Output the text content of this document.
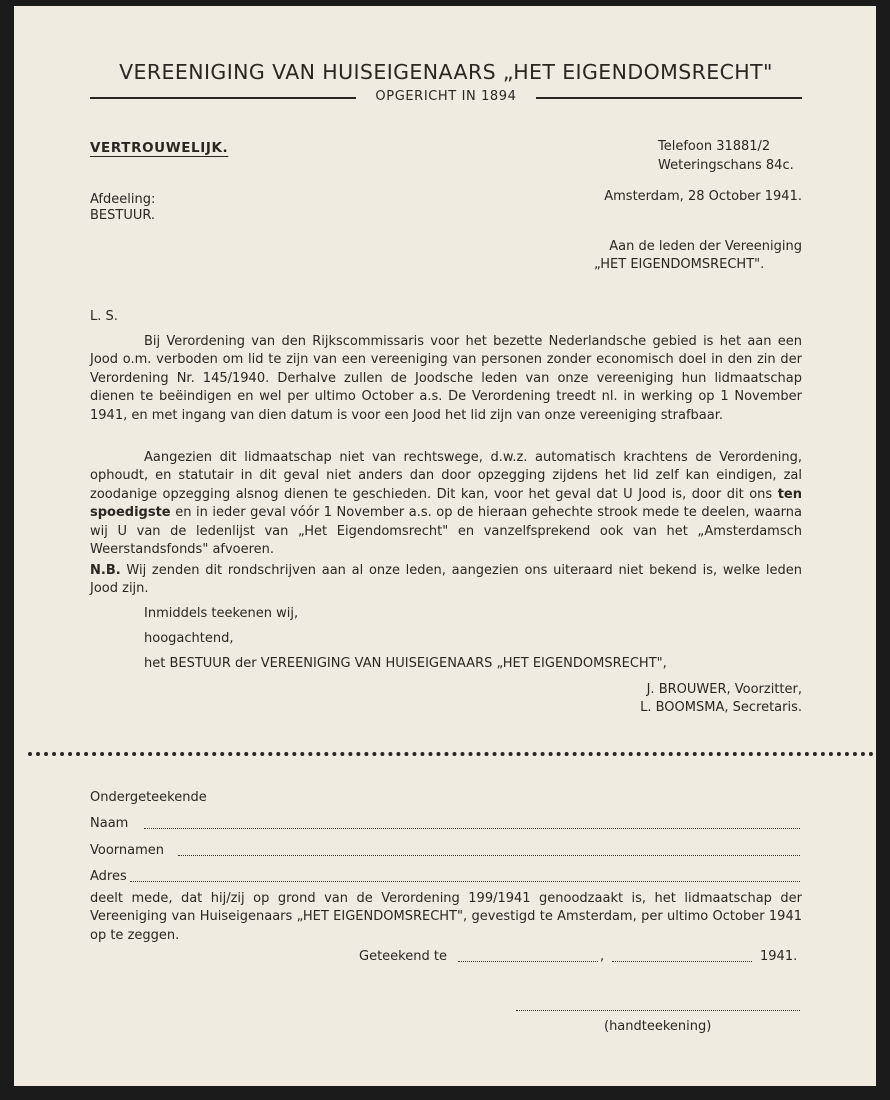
VEREENIGING VAN HUISEIGENAARS „HET EIGENDOMSRECHT"
OPGERICHT IN 1894
VERTROUWELIJK.	Telefoon 31881/2
Weteringschans 84c.
Afdeeling:
BESTUUR.
Amsterdam, 28 October 1941.
Aan de leden der Vereeniging
„HET EIGENDOMSRECHT".
L. S.
Bij Verordening van den Rijkscommissaris voor het bezette Nederlandsche gebied is het aan een Jood o.m. verboden om lid te zijn van een vereeniging van personen zonder economisch doel in den zin der Verordening Nr. 145/1940. Derhalve zullen de Joodsche leden van onze vereeniging hun lidmaatschap dienen te beëindigen en wel per ultimo October a.s. De Verordening treedt nl. in werking op 1 November 1941, en met ingang van dien datum is voor een Jood het lid zijn van onze vereeniging strafbaar.
Aangezien dit lidmaatschap niet van rechtswege, d.w.z. automatisch krachtens de Verordening, ophoudt, en statutair in dit geval niet anders dan door opzegging zijdens het lid zelf kan eindigen, zal zoodanige opzegging alsnog dienen te geschieden. Dit kan, voor het geval dat U Jood is, door dit ons ten spoedigste en in ieder geval vóór 1 November a.s. op de hieraan gehechte strook mede te deelen, waarna wij U van de ledenlijst van „Het Eigendomsrecht" en vanzelfsprekend ook van het „Amsterdamsch Weerstandsfonds" afvoeren.
N.B. Wij zenden dit rondschrijven aan al onze leden, aangezien ons uiteraard niet bekend is, welke leden Jood zijn.
Inmiddels teekenen wij,
hoogachtend,
het BESTUUR der VEREENIGING VAN HUISEIGENAARS „HET EIGENDOMSRECHT",
J. BROUWER, Voorzitter,
L. BOOMSMA, Secretaris.
Ondergeteekende
Naam
Voornamen
Adres
deelt mede, dat hij/zij op grond van de Verordening 199/1941 genoodzaakt is, het lidmaatschap der Vereeniging van Huiseigenaars „HET EIGENDOMSRECHT", gevestigd te Amsterdam, per ultimo October 1941 op te zeggen.
Geteekend te	,	1941.
(handteekening)
